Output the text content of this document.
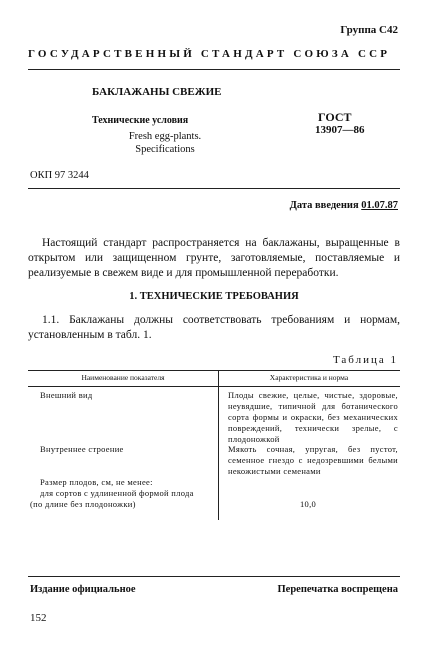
Группа С42
ГОСУДАРСТВЕННЫЙ СТАНДАРТ СОЮЗА ССР
БАКЛАЖАНЫ СВЕЖИЕ
Технические условия
Fresh egg-plants.
Specifications
ГОСТ
13907—86
ОКП 97 3244
Дата введения 01.07.87
Настоящий стандарт распространяется на баклажаны, выращенные в открытом или защищенном грунте, заготовляемые, поставляемые и реализуемые в свежем виде и для промышленной переработки.
1. ТЕХНИЧЕСКИЕ ТРЕБОВАНИЯ
1.1. Баклажаны должны соответствовать требованиям и нормам, установленным в табл. 1.
Таблица 1
Наименование показателя	Характеристика и норма
Внешний вид	Плоды свежие, целые, чистые, здоровые, неувядшие, типичной для ботанического сорта формы и окраски, без механических повреждений, технически зрелые, с плодоножкой
Внутреннее строение	Мякоть сочная, упругая, без пустот, семенное гнездо с недозревшими белыми некожистыми семенами
Размер плодов, см, не менее:
для сортов с удлиненной формой плода
(по длине без плодоножки)	10,0
Издание официальное	Перепечатка воспрещена
152
